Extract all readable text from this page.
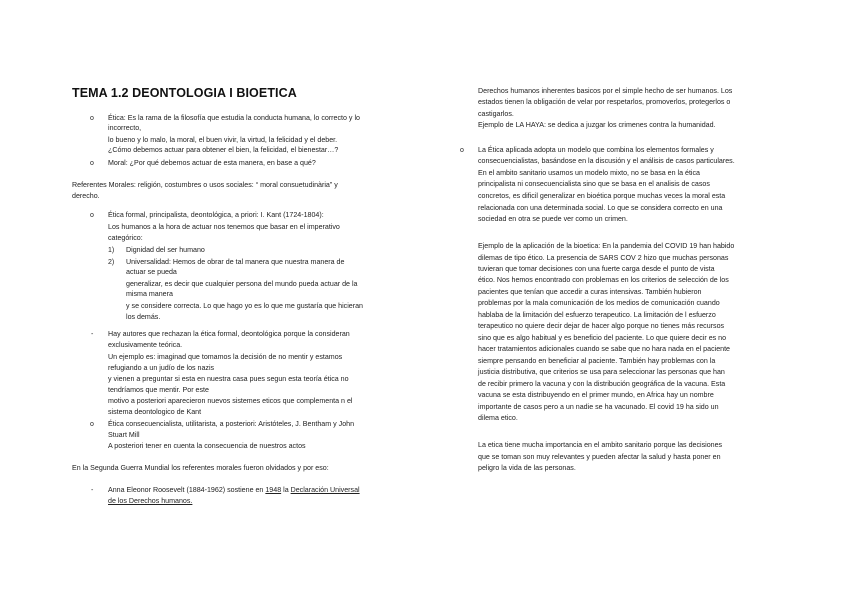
TEMA 1.2 DEONTOLOGIA I BIOETICA
o Ética: Es la rama de la filosofía que estudia la conducta humana, lo correcto y lo
incorrecto,
lo bueno y lo malo, la moral, el buen vivir, la virtud, la felicidad y el deber.
¿Cómo debemos actuar para obtener el bien, la felicidad, el bienestar…?
o Moral: ¿Por qué debemos actuar de esta manera, en base a qué?
Referentes Morales: religión, costumbres o usos sociales: “ moral consuetudinària” y
derecho.
o Ética formal, principalista, deontológica, a priori: I. Kant (1724-1804):
Los humanos a la hora de actuar nos tenemos que basar en el imperativo
categórico:
1) Dignidad del ser humano
2) Universalidad: Hemos de obrar de tal manera que nuestra manera de
actuar se pueda
generalizar, es decir que cualquier persona del mundo pueda actuar de la
misma manera
y se considere correcta. Lo que hago yo es lo que me gustaría que hicieran
los demás.
- Hay autores que rechazan la ética formal, deontológica porque la consideran
exclusivamente teórica.
Un ejemplo es: imaginad que tomamos la decisión de no mentir y estamos
refugiando a un judío de los nazis
y vienen a preguntar si esta en nuestra casa pues segun esta teoría ética no
tendríamos que mentir. Por este
motivo a posteriori aparecieron nuevos sistemes eticos que complementa n el
sistema deontologico de Kant
o Ética consecuencialista, utilitarista, a posteriori: Aristóteles, J. Bentham y John
Stuart Mill
A posteriori tener en cuenta la consecuencia de nuestros actos
En la Segunda Guerra Mundial los referentes morales fueron olvidados y por eso:
- Anna Eleonor Roosevelt (1884-1962) sostiene en 1948 la Declaración Universal
de los Derechos humanos.
Derechos humanos inherentes basicos por el simple hecho de ser humanos. Los
estados tienen la obligación de velar por respetarlos, promoverlos, protegerlos o
castigarlos.
Ejemplo de LA HAYA: se dedica a juzgar los crimenes contra la humanidad.
o La Ética aplicada adopta un modelo que combina los elementos formales y
consecuencialistas, basándose en la discusión y el análisis de casos particulares.
En el ambito sanitario usamos un modelo mixto, no se basa en la ética
principalista ni consecuencialista sino que se basa en el analisis de casos
concretos, es dificil generalizar en bioética porque muchas veces la moral esta
relacionada con una determinada social. Lo que se considera correcto en una
sociedad en otra se puede ver como un crimen.
Ejemplo de la aplicación de la bioetica: En la pandemia del COVID 19 han habido
dilemas de tipo ético. La presencia de SARS COV 2 hizo que muchas personas
tuvieran que tomar decisiones con una fuerte carga desde el punto de vista
ético. Nos hemos encontrado con problemas en los criterios de selección de los
pacientes que tenían que accedir a curas intensivas. También hubieron
problemas por la mala comunicación de los medios de comunicación cuando
hablaba de la limitación del esfuerzo terapeutico. La limitación de l esfuerzo
terapeutico no quiere decir dejar de hacer algo porque no tienes más recursos
sino que es algo habitual y es beneficio del paciente. Lo que quiere decir es no
hacer tratamientos adicionales cuando se sabe que no hara nada en el paciente
siempre pensando en beneficiar al paciente. También hay problemas con la
justicia distributiva, que criterios se usa para seleccionar las personas que han
de recibir primero la vacuna y con la distribución geográfica de la vacuna. Esta
vacuna se esta distribuyendo en el primer mundo, en Africa hay un nombre
importante de casos pero a un nadie se ha vacunado. El covid 19 ha sido un
dilema etico.
La etica tiene mucha importancia en el ambito sanitario porque las decisiones
que se toman son muy relevantes y pueden afectar la salud y hasta poner en
peligro la vida de las personas.
